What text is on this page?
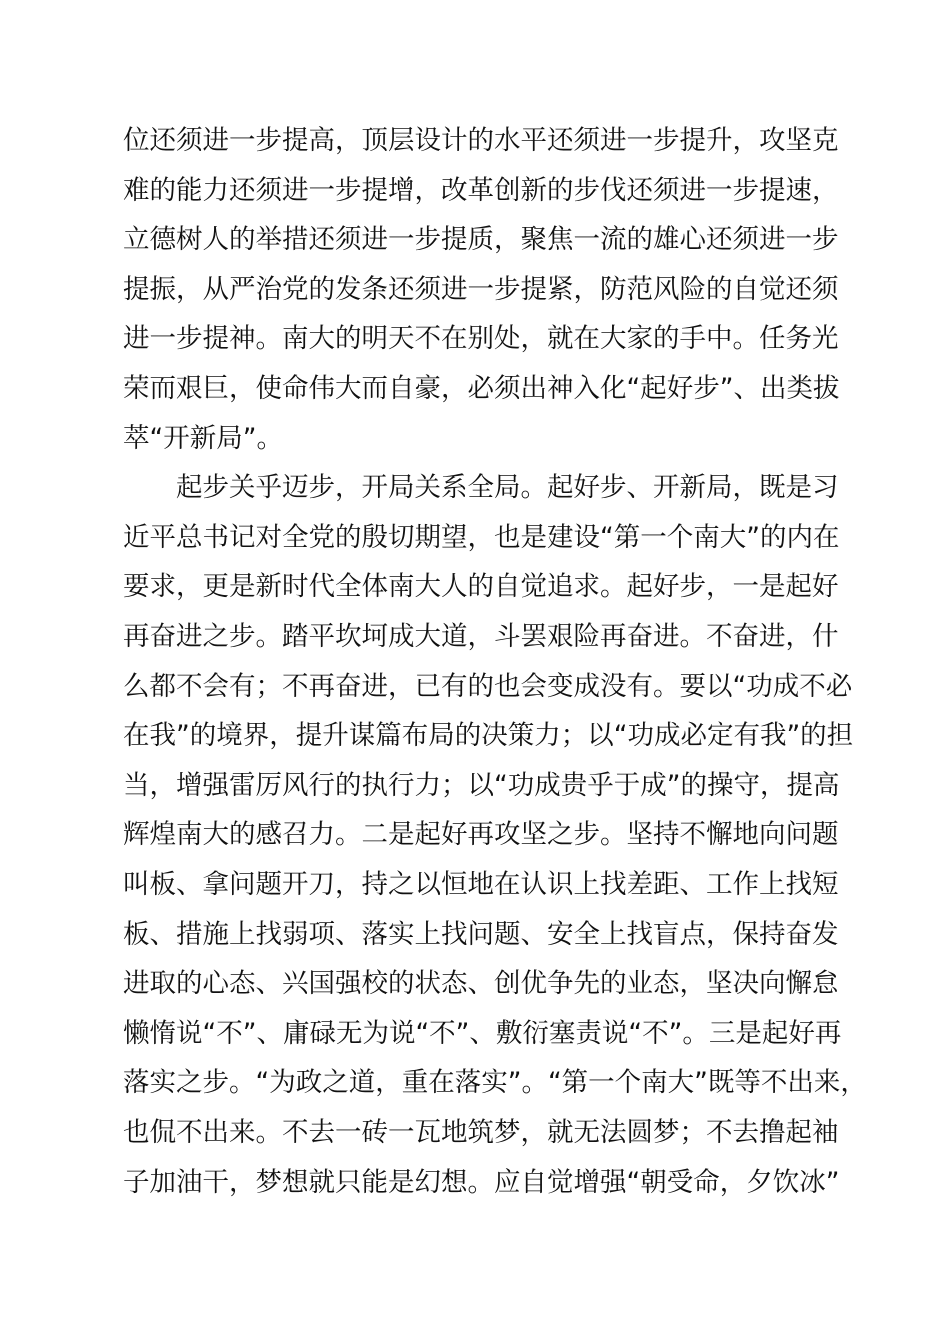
位还须进一步提高，顶层设计的水平还须进一步提升，攻坚克
难的能力还须进一步提增，改革创新的步伐还须进一步提速，
立德树人的举措还须进一步提质，聚焦一流的雄心还须进一步
提振，从严治党的发条还须进一步提紧，防范风险的自觉还须
进一步提神。南大的明天不在别处，就在大家的手中。任务光
荣而艰巨，使命伟大而自豪，必须出神入化“起好步”、出类拔
萃“开新局”。
　　起步关乎迈步，开局关系全局。起好步、开新局，既是习
近平总书记对全党的殷切期望，也是建设“第一个南大”的内在
要求，更是新时代全体南大人的自觉追求。起好步，一是起好
再奋进之步。踏平坎坷成大道，斗罢艰险再奋进。不奋进，什
么都不会有；不再奋进，已有的也会变成没有。要以“功成不必
在我”的境界，提升谋篇布局的决策力；以“功成必定有我”的担
当，增强雷厉风行的执行力；以“功成贵乎于成”的操守，提高
辉煌南大的感召力。二是起好再攻坚之步。坚持不懈地向问题
叫板、拿问题开刀，持之以恒地在认识上找差距、工作上找短
板、措施上找弱项、落实上找问题、安全上找盲点，保持奋发
进取的心态、兴国强校的状态、创优争先的业态，坚决向懈怠
懒惰说“不”、庸碌无为说“不”、敷衍塞责说“不”。三是起好再
落实之步。“为政之道，重在落实”。“第一个南大”既等不出来，
也侃不出来。不去一砖一瓦地筑梦，就无法圆梦；不去撸起袖
子加油干，梦想就只能是幻想。应自觉增强“朝受命，夕饮冰”
